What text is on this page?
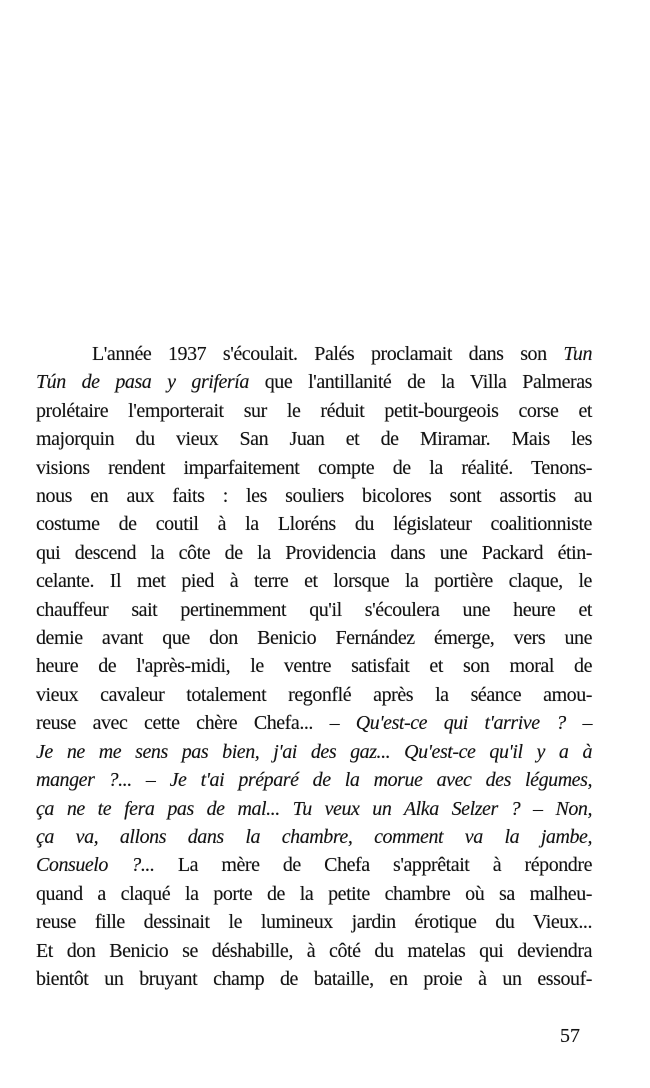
L'année 1937 s'écoulait. Palés proclamait dans son Tun
Tún de pasa y grifería que l'antillanité de la Villa Palmeras
prolétaire l'emporterait sur le réduit petit-bourgeois corse et
majorquin du vieux San Juan et de Miramar. Mais les
visions rendent imparfaitement compte de la réalité. Tenons-
nous en aux faits : les souliers bicolores sont assortis au
costume de coutil à la Lloréns du législateur coalitionniste
qui descend la côte de la Providencia dans une Packard étin-
celante. Il met pied à terre et lorsque la portière claque, le
chauffeur sait pertinemment qu'il s'écoulera une heure et
demie avant que don Benicio Fernández émerge, vers une
heure de l'après-midi, le ventre satisfait et son moral de
vieux cavaleur totalement regonflé après la séance amou-
reuse avec cette chère Chefa... – Qu'est-ce qui t'arrive ? –
Je ne me sens pas bien, j'ai des gaz... Qu'est-ce qu'il y a à
manger ?... – Je t'ai préparé de la morue avec des légumes,
ça ne te fera pas de mal... Tu veux un Alka Selzer ? – Non,
ça va, allons dans la chambre, comment va la jambe,
Consuelo ?... La mère de Chefa s'apprêtait à répondre
quand a claqué la porte de la petite chambre où sa malheu-
reuse fille dessinait le lumineux jardin érotique du Vieux...
Et don Benicio se déshabille, à côté du matelas qui deviendra
bientôt un bruyant champ de bataille, en proie à un essouf-
57
